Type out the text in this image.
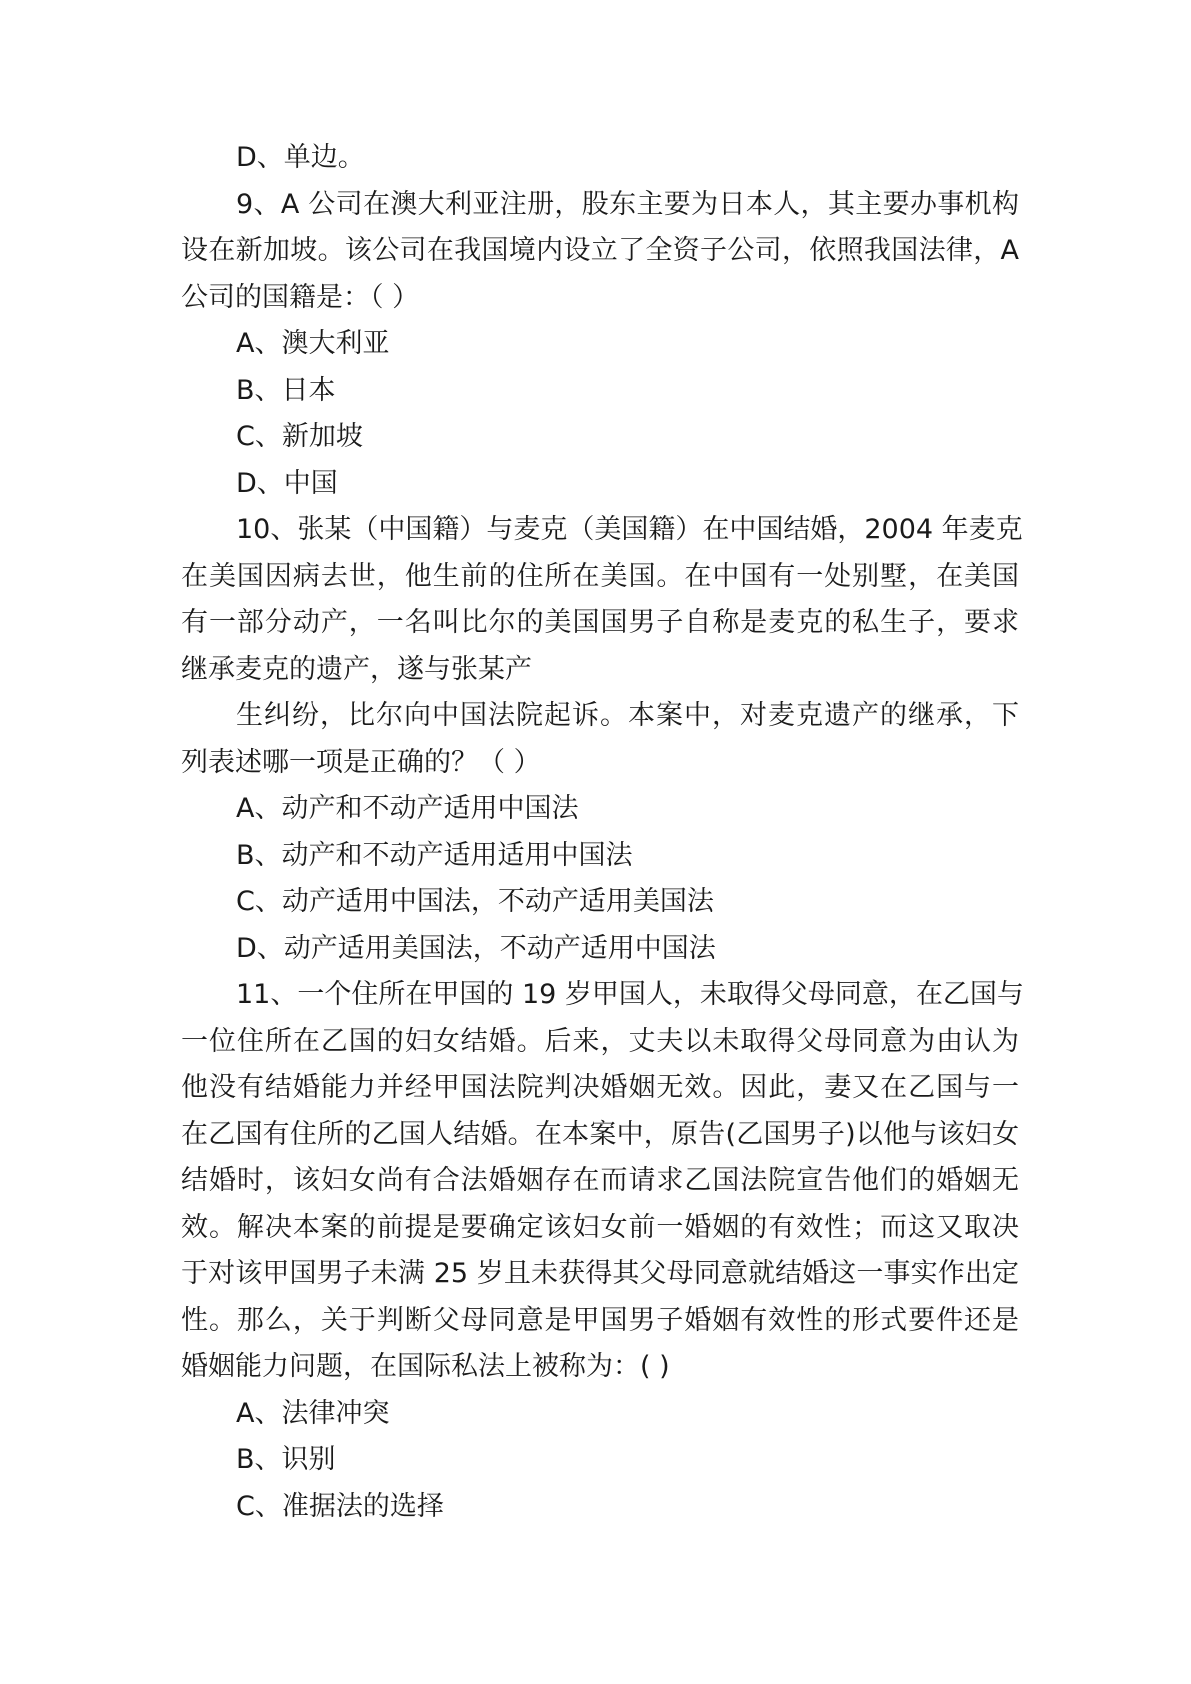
D、单边。
9、A 公司在澳大利亚注册，股东主要为日本人，其主要办事机构
设在新加坡。该公司在我国境内设立了全资子公司，依照我国法律，A
公司的国籍是：（ ）
A、澳大利亚
B、日本
C、新加坡
D、中国
10、张某（中国籍）与麦克（美国籍）在中国结婚，2004 年麦克
在美国因病去世，他生前的住所在美国。在中国有一处别墅，在美国
有一部分动产，一名叫比尔的美国国男子自称是麦克的私生子，要求
继承麦克的遗产，遂与张某产
生纠纷，比尔向中国法院起诉。本案中，对麦克遗产的继承，下
列表述哪一项是正确的？（ ）
A、动产和不动产适用中国法
B、动产和不动产适用适用中国法
C、动产适用中国法，不动产适用美国法
D、动产适用美国法，不动产适用中国法
11、一个住所在甲国的 19 岁甲国人，未取得父母同意，在乙国与
一位住所在乙国的妇女结婚。后来，丈夫以未取得父母同意为由认为
他没有结婚能力并经甲国法院判决婚姻无效。因此，妻又在乙国与一
在乙国有住所的乙国人结婚。在本案中，原告(乙国男子)以他与该妇女
结婚时，该妇女尚有合法婚姻存在而请求乙国法院宣告他们的婚姻无
效。解决本案的前提是要确定该妇女前一婚姻的有效性；而这又取决
于对该甲国男子未满 25 岁且未获得其父母同意就结婚这一事实作出定
性。那么，关于判断父母同意是甲国男子婚姻有效性的形式要件还是
婚姻能力问题，在国际私法上被称为：( )
A、法律冲突
B、识别
C、准据法的选择
